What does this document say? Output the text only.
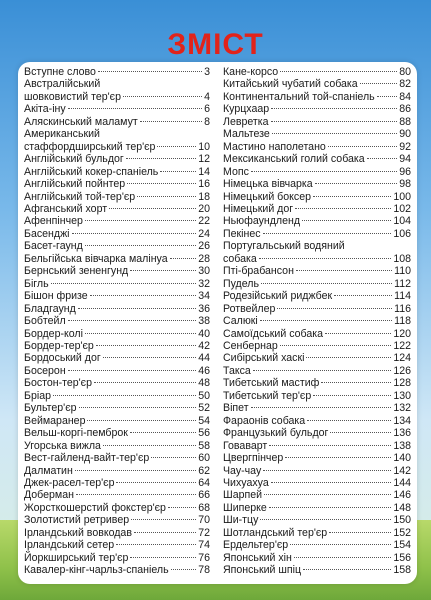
ЗМІСТ
Вступне слово	3
Австралійський
шовковистий тер'єр	4
Акіта-іну	6
Аляскинський маламут	8
Американський
стаффордширський тер'єр	10
Англійський бульдог	12
Англійський кокер-спаніель	14
Англійський пойнтер	16
Англійський той-тер'єр	18
Афганський хорт	20
Афенпінчер	22
Басенджі	24
Басет-гаунд	26
Бельгійська вівчарка малінуа	28
Бернський зененгунд	30
Бігль	32
Бішон фризе	34
Бладгаунд	36
Бобтейл	38
Бордер-колі	40
Бордер-тер'єр	42
Бордоський дог	44
Босерон	46
Бостон-тер'єр	48
Бріар	50
Бультер'єр	52
Веймаранер	54
Вельш-коргі-пемброк	56
Угорська вижла	58
Вест-гайленд-вайт-тер'єр	60
Далматин	62
Джек-расел-тер'єр	64
Доберман	66
Жорсткошерстий фокстер'єр	68
Золотистий ретривер	70
Ірландський вовкодав	72
Ірландський сетер	74
Йоркширський тер'єр	76
Кавалер-кінг-чарльз-спаніель	78
Кане-корсо	80
Китайський чубатий собака	82
Континентальний той-спаніель 84
Курцхаар	86
Левретка	88
Мальтезе	90
Мастино наполетано	92
Мексиканський голий собака	94
Мопс	96
Німецька вівчарка	98
Німецький боксер	100
Німецький дог	102
Ньюфаундленд	104
Пекінес	106
Португальський водяний
собака	108
Пті-брабансон	110
Пудель	112
Родезійський риджбек	114
Ротвейлер	116
Салюкі	118
Самоїдський собака	120
Сенбернар	122
Сибірський хаскі	124
Такса	126
Тибетський мастиф	128
Тибетський тер'єр	130
Віпет	132
Фараонів собака	134
Французький бульдог	136
Говаварт	138
Цвергпінчер	140
Чау-чау	142
Чихуахуа	144
Шарпей	146
Шиперке	148
Ши-тцу	150
Шотландський тер'єр	152
Ердельтер'єр	154
Японський хін	156
Японський шпіц	158
